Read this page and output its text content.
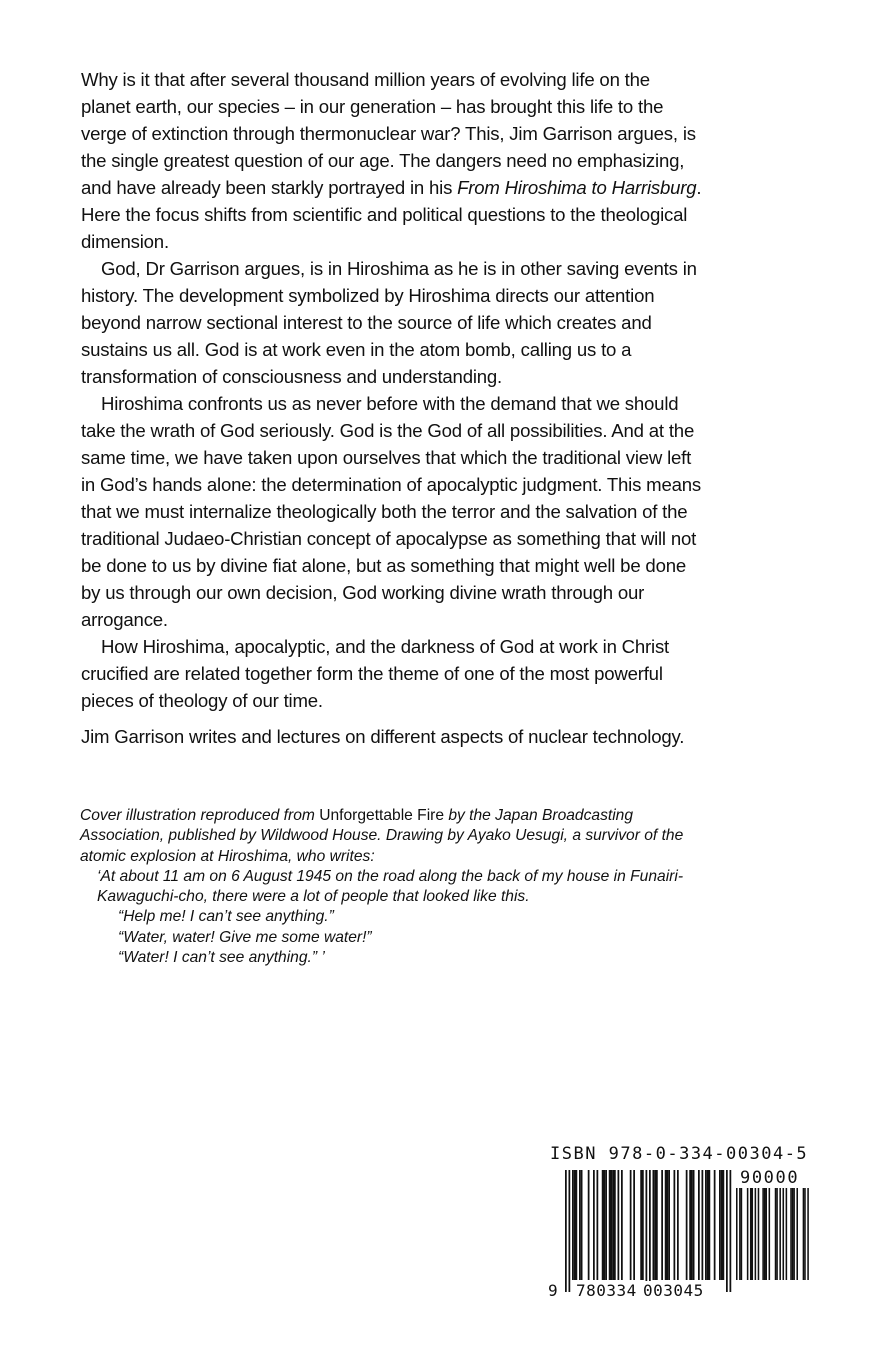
Why is it that after several thousand million years of evolving life on the planet earth, our species – in our generation – has brought this life to the verge of extinction through thermonuclear war? This, Jim Garrison argues, is the single greatest question of our age. The dangers need no emphasizing, and have already been starkly portrayed in his From Hiroshima to Harrisburg. Here the focus shifts from scientific and political questions to the theological dimension.

God, Dr Garrison argues, is in Hiroshima as he is in other saving events in history. The development symbolized by Hiroshima directs our attention beyond narrow sectional interest to the source of life which creates and sustains us all. God is at work even in the atom bomb, calling us to a transformation of consciousness and understanding.

Hiroshima confronts us as never before with the demand that we should take the wrath of God seriously. God is the God of all possibilities. And at the same time, we have taken upon ourselves that which the traditional view left in God’s hands alone: the determination of apocalyptic judgment. This means that we must internalize theologically both the terror and the salvation of the traditional Judaeo-Christian concept of apocalypse as something that will not be done to us by divine fiat alone, but as something that might well be done by us through our own decision, God working divine wrath through our arrogance.

How Hiroshima, apocalyptic, and the darkness of God at work in Christ crucified are related together form the theme of one of the most powerful pieces of theology of our time.

Jim Garrison writes and lectures on different aspects of nuclear technology.

Cover illustration reproduced from Unforgettable Fire by the Japan Broadcasting Association, published by Wildwood House. Drawing by Ayako Uesugi, a survivor of the atomic explosion at Hiroshima, who writes:

‘At about 11 am on 6 August 1945 on the road along the back of my house in Funairi-Kawaguchi-cho, there were a lot of people that looked like this.

“Help me! I can’t see anything.”

“Water, water! Give me some water!”

“Water! I can’t see anything.” ’

ISBN 978-0-334-00304-5
90000
9 780334 003045
